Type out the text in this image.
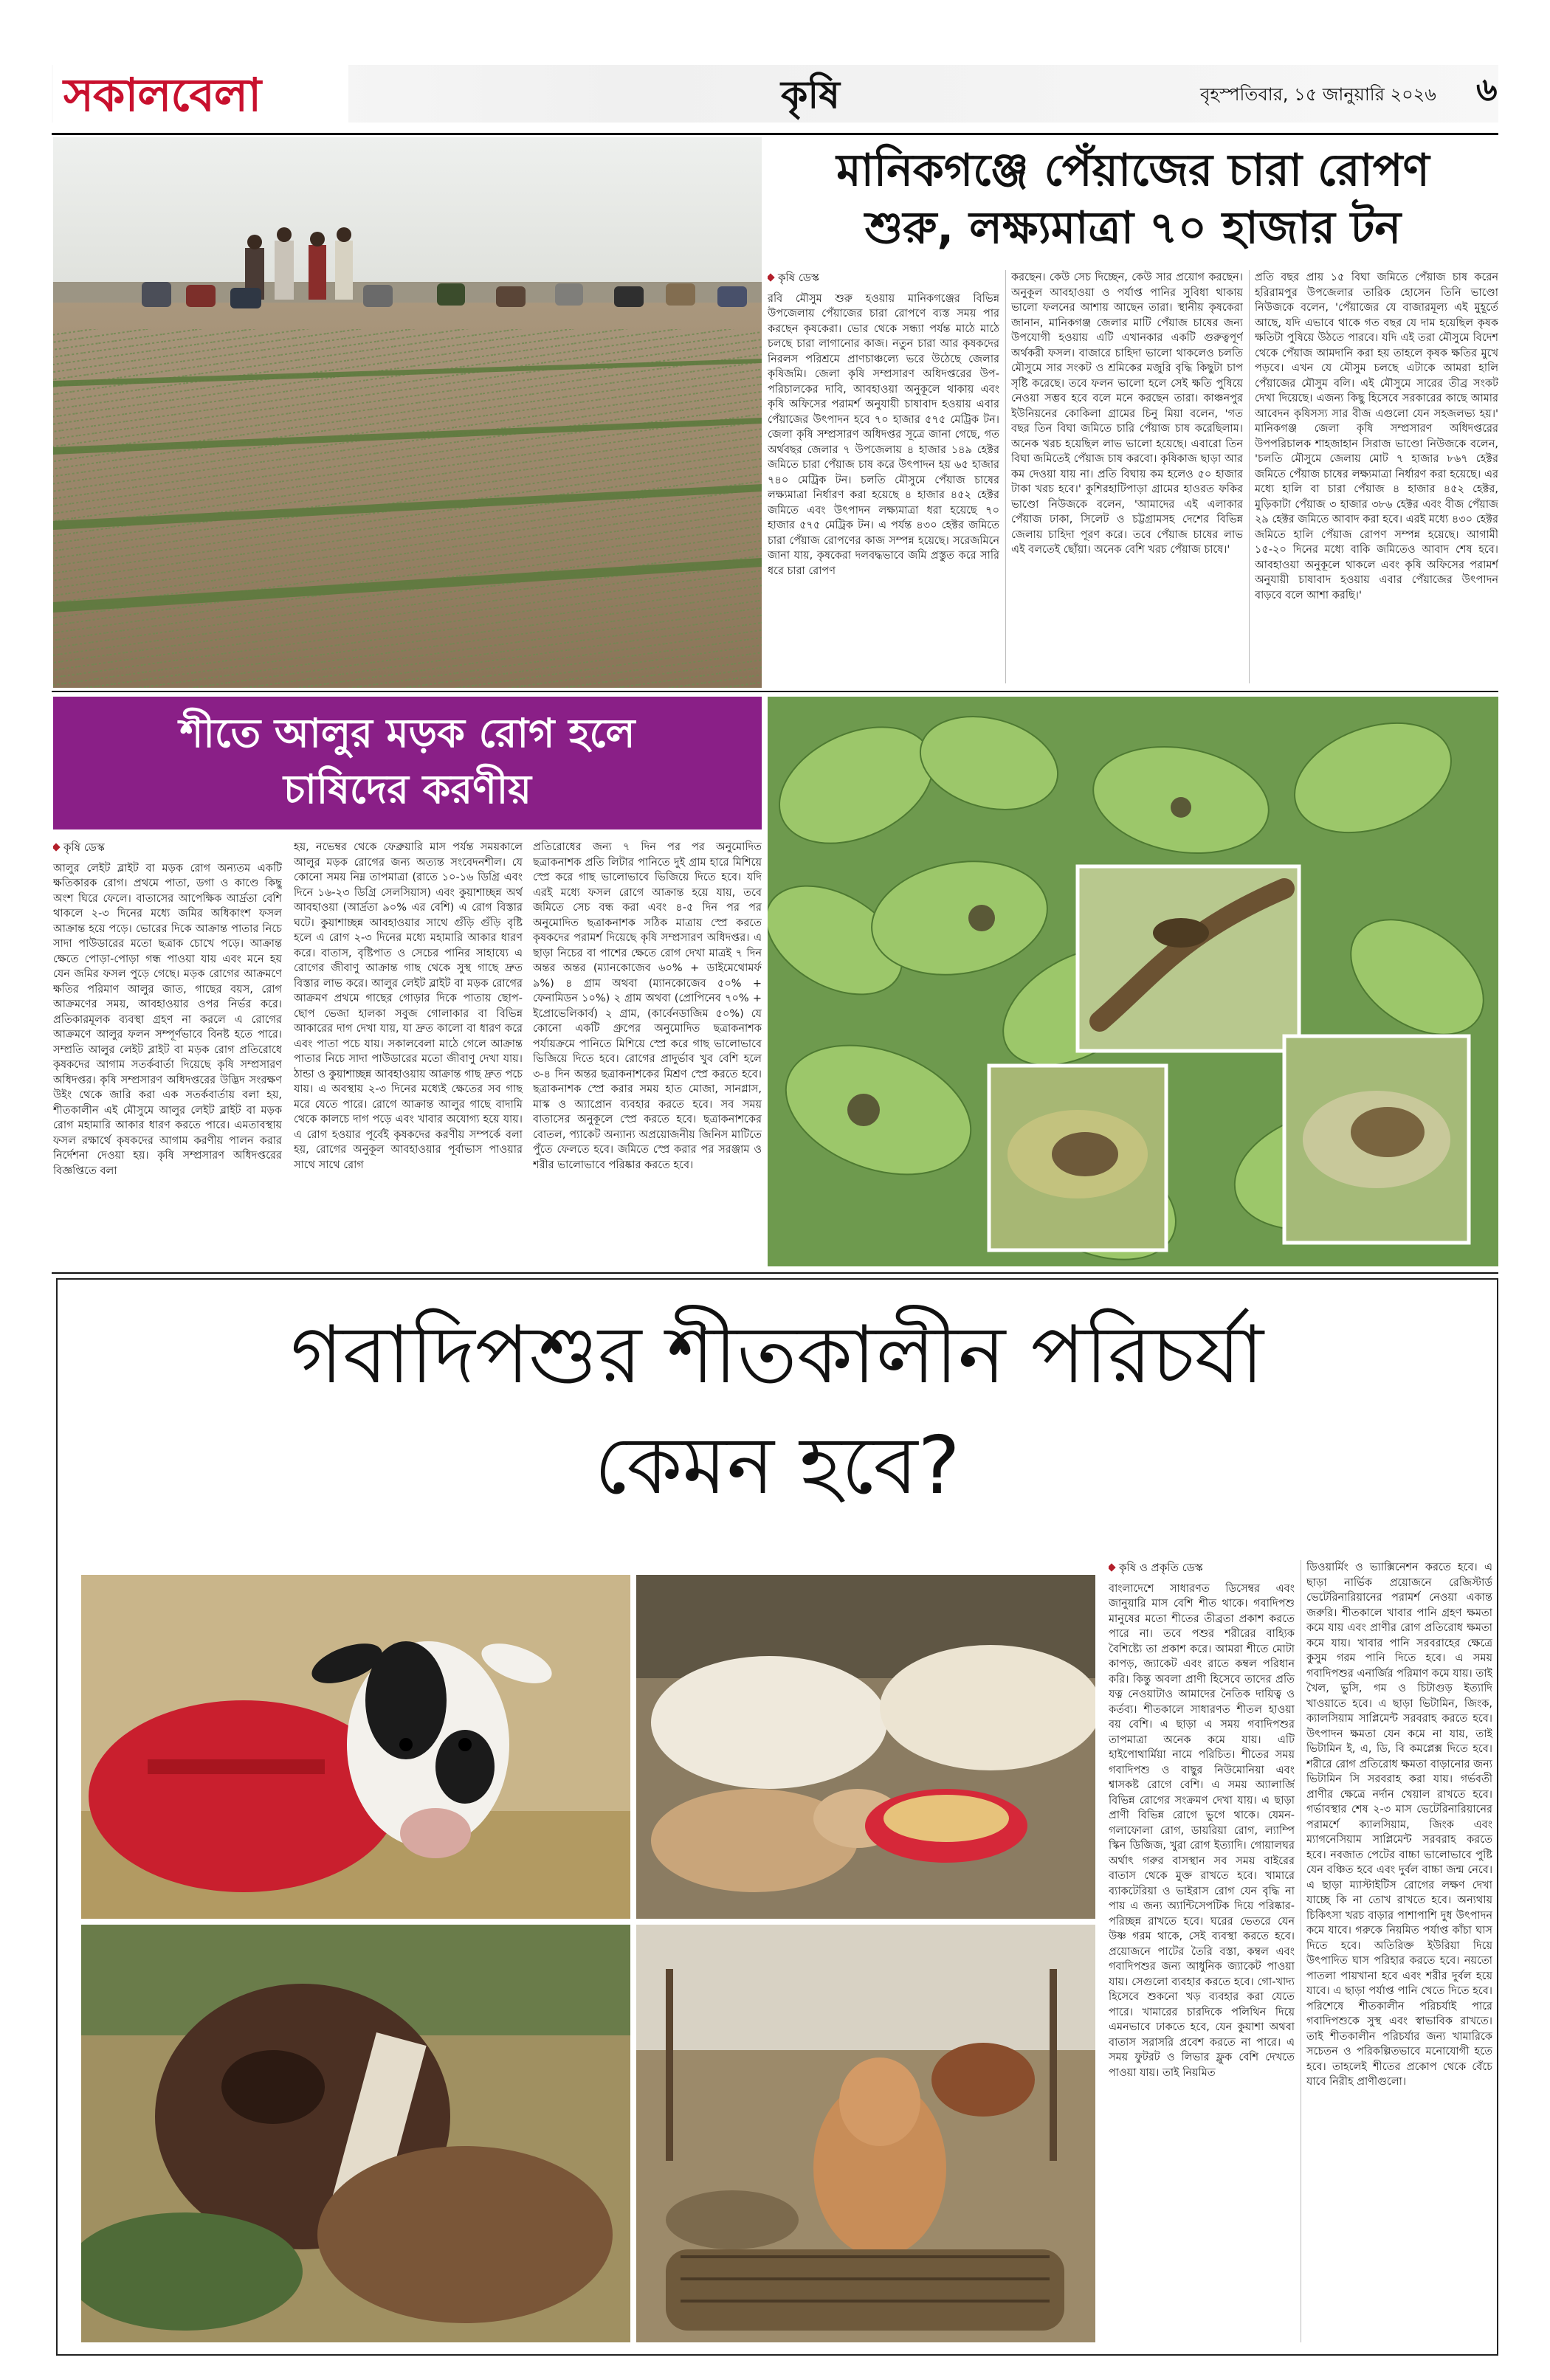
সকালবেলা	কৃষি	বৃহস্পতিবার, ১৫ জানুয়ারি ২০২৬ ৬
মানিকগঞ্জে পেঁয়াজের চারা রোপণ
শুরু, লক্ষ্যমাত্রা ৭০ হাজার টন
কৃষি ডেস্ক

রবি মৌসুম শুরু হওয়ায় মানিকগঞ্জের বিভিন্ন উপজেলায় পেঁয়াজের চারা রোপণে ব্যস্ত সময় পার করছেন কৃষকেরা। ভোর থেকে সন্ধ্যা পর্যন্ত মাঠে মাঠে চলছে চারা লাগানোর কাজ। নতুন চারা আর কৃষকদের নিরলস পরিশ্রমে প্রাণচাঞ্চল্যে ভরে উঠেছে জেলার কৃষিজমি। জেলা কৃষি সম্প্রসারণ অধিদপ্তরের উপ-পরিচালকের দাবি, আবহাওয়া অনুকূলে থাকায় এবং কৃষি অফিসের পরামর্শ অনুযায়ী চাষাবাদ হওয়ায় এবার পেঁয়াজের উৎপাদন হবে ৭০ হাজার ৫৭৫ মেট্রিক টন। জেলা কৃষি সম্প্রসারণ অধিদপ্তর সূত্রে জানা গেছে, গত অর্থবছর জেলার ৭ উপজেলায় ৪ হাজার ১৪৯ হেক্টর জমিতে চারা পেঁয়াজ চাষ করে উৎপাদন হয় ৬৫ হাজার ৭৪০ মেট্রিক টন। চলতি মৌসুমে পেঁয়াজ চাষের লক্ষ্যমাত্রা নির্ধারণ করা হয়েছে ৪ হাজার ৪৫২ হেক্টর জমিতে এবং উৎপাদন লক্ষ্যমাত্রা ধরা হয়েছে ৭০ হাজার ৫৭৫ মেট্রিক টন। এ পর্যন্ত ৪৩০ হেক্টর জমিতে চারা পেঁয়াজ রোপণের কাজ সম্পন্ন হয়েছে। সরেজমিনে জানা যায়, কৃষকেরা দলবদ্ধভাবে জমি প্রস্তুত করে সারি ধরে চারা রোপণ

করছেন। কেউ সেচ দিচ্ছেন, কেউ সার প্রয়োগ করছেন। অনুকূল আবহাওয়া ও পর্যাপ্ত পানির সুবিধা থাকায় ভালো ফলনের আশায় আছেন তারা। স্থানীয় কৃষকেরা জানান, মানিকগঞ্জ জেলার মাটি পেঁয়াজ চাষের জন্য উপযোগী হওয়ায় এটি এখানকার একটি গুরুত্বপূর্ণ অর্থকরী ফসল। বাজারে চাহিদা ভালো থাকলেও চলতি মৌসুমে সার সংকট ও শ্রমিকের মজুরি বৃদ্ধি কিছুটা চাপ সৃষ্টি করেছে। তবে ফলন ভালো হলে সেই ক্ষতি পুষিয়ে নেওয়া সম্ভব হবে বলে মনে করছেন তারা। কাঞ্চনপুর ইউনিয়নের কোকিলা গ্রামের চিনু মিয়া বলেন, 'গত বছর তিন বিঘা জমিতে চারি পেঁয়াজ চাষ করেছিলাম। অনেক খরচ হয়েছিল লাভ ভালো হয়েছে। এবারো তিন বিঘা জমিতেই পেঁয়াজ চাষ করবো। কৃষিকাজ ছাড়া আর কম দেওয়া যায় না। প্রতি বিঘায় কম হলেও ৫০ হাজার টাকা খরচ হবে।' কুশিরহাটিপাড়া গ্রামের হাওরত ফকির ভাণ্ডো নিউজকে বলেন, 'আমাদের এই এলাকার পেঁয়াজ ঢাকা, সিলেট ও চট্টগ্রামসহ দেশের বিভিন্ন জেলায় চাহিদা পূরণ করে। তবে পেঁয়াজ চাষের লাভ এই বলতেই ছোঁয়া। অনেক বেশি খরচ পেঁয়াজ চাষে।'

প্রতি বছর প্রায় ১৫ বিঘা জমিতে পেঁয়াজ চাষ করেন হরিরামপুর উপজেলার তারিক হোসেন তিনি ভাণ্ডো নিউজকে বলেন, 'পেঁয়াজের যে বাজারমূল্য এই মুহূর্তে আছে, যদি এভাবে থাকে গত বছর যে দাম হয়েছিল কৃষক ক্ষতিটা পুষিয়ে উঠতে পারবে। যদি এই তরা মৌসুমে বিদেশ থেকে পেঁয়াজ আমদানি করা হয় তাহলে কৃষক ক্ষতির মুখে পড়বে। এখন যে মৌসুম চলছে এটাকে আমরা হালি পেঁয়াজের মৌসুম বলি। এই মৌসুমে সারের তীব্র সংকট দেখা দিয়েছে। এজন্য কিছু হিসেবে সরকারের কাছে আমার আবেদন কৃষিসস্য সার বীজ এগুলো যেন সহজলভ্য হয়।' মানিকগঞ্জ জেলা কৃষি সম্প্রসারণ অধিদপ্তরের উপপরিচালক শাহজাহান সিরাজ ভাণ্ডো নিউজকে বলেন, 'চলতি মৌসুমে জেলায় মোট ৭ হাজার ৮৬৭ হেক্টর জমিতে পেঁয়াজ চাষের লক্ষ্যমাত্রা নির্ধারণ করা হয়েছে। এর মধ্যে হালি বা চারা পেঁয়াজ ৪ হাজার ৪৫২ হেক্টর, মুড়িকাটা পেঁয়াজ ৩ হাজার ৩৮৬ হেক্টর এবং বীজ পেঁয়াজ ২৯ হেক্টর জমিতে আবাদ করা হবে। এরই মধ্যে ৪৩০ হেক্টর জমিতে হালি পেঁয়াজ রোপণ সম্পন্ন হয়েছে। আগামী ১৫-২০ দিনের মধ্যে বাকি জমিতেও আবাদ শেষ হবে। আবহাওয়া অনুকূলে থাকলে এবং কৃষি অফিসের পরামর্শ অনুযায়ী চাষাবাদ হওয়ায় এবার পেঁয়াজের উৎপাদন বাড়বে বলে আশা করছি।'

শীতে আলুর মড়ক রোগ হলে
চাষিদের করণীয়
কৃষি ডেস্ক

আলুর লেইট ব্লাইট বা মড়ক রোগ অন্যতম একটি ক্ষতিকারক রোগ। প্রথমে পাতা, ডগা ও কাণ্ডে কিছু অংশ ঘিরে ফেলে। বাতাসের আপেক্ষিক আর্দ্রতা বেশি থাকলে ২-৩ দিনের মধ্যে জমির অধিকাংশ ফসল আক্রান্ত হয়ে পড়ে। ভোরের দিকে আক্রান্ত পাতার নিচে সাদা পাউডারের মতো ছত্রাক চোখে পড়ে। আক্রান্ত ক্ষেতে পোড়া-পোড়া গন্ধ পাওয়া যায় এবং মনে হয় যেন জমির ফসল পুড়ে গেছে। মড়ক রোগের আক্রমণে ক্ষতির পরিমাণ আলুর জাত, গাছের বয়স, রোগ আক্রমণের সময়, আবহাওয়ার ওপর নির্ভর করে। প্রতিকারমূলক ব্যবস্থা গ্রহণ না করলে এ রোগের আক্রমণে আলুর ফলন সম্পূর্ণভাবে বিনষ্ট হতে পারে। সম্প্রতি আলুর লেইট ব্লাইট বা মড়ক রোগ প্রতিরোধে কৃষকদের আগাম সতর্কবার্তা দিয়েছে কৃষি সম্প্রসারণ অধিদপ্তর। কৃষি সম্প্রসারণ অধিদপ্তরের উদ্ভিদ সংরক্ষণ উইং থেকে জারি করা এক সতর্কবার্তায় বলা হয়, শীতকালীন এই মৌসুমে আলুর লেইট ব্লাইট বা মড়ক রোগ মহামারি আকার ধারণ করতে পারে। এমতাবস্থায় ফসল রক্ষার্থে কৃষকদের আগাম করণীয় পালন করার নির্দেশনা দেওয়া হয়। কৃষি সম্প্রসারণ অধিদপ্তরের বিজ্ঞপ্তিতে বলা

হয়, নভেম্বর থেকে ফেব্রুয়ারি মাস পর্যন্ত সময়কালে আলুর মড়ক রোগের জন্য অত্যন্ত সংবেদনশীল। যে কোনো সময় নিম্ন তাপমাত্রা (রাতে ১০-১৬ ডিগ্রি এবং দিনে ১৬-২৩ ডিগ্রি সেলসিয়াস) এবং কুয়াশাচ্ছন্ন অর্থ আবহাওয়া (আর্দ্রতা ৯০% এর বেশি) এ রোগ বিস্তার ঘটে। কুয়াশাচ্ছন্ন আবহাওয়ার সাথে গুঁড়ি গুঁড়ি বৃষ্টি হলে এ রোগ ২-৩ দিনের মধ্যে মহামারি আকার ধারণ করে। বাতাস, বৃষ্টিপাত ও সেচের পানির সাহায্যে এ রোগের জীবাণু আক্রান্ত গাছ থেকে সুস্থ গাছে দ্রুত বিস্তার লাভ করে। আলুর লেইট ব্লাইট বা মড়ক রোগের আক্রমণ প্রথমে গাছের গোড়ার দিকে পাতায় ছোপ-ছোপ ভেজা হালকা সবুজ গোলাকার বা বিভিন্ন আকারের দাগ দেখা যায়, যা দ্রুত কালো বা ধারণ করে এবং পাতা পচে যায়। সকালবেলা মাঠে গেলে আক্রান্ত পাতার নিচে সাদা পাউডারের মতো জীবাণু দেখা যায়। ঠান্ডা ও কুয়াশাচ্ছন্ন আবহাওয়ায় আক্রান্ত গাছ দ্রুত পচে যায়। এ অবস্থায় ২-৩ দিনের মধ্যেই ক্ষেতের সব গাছ মরে যেতে পারে। রোগে আক্রান্ত আলুর গাছে বাদামি থেকে কালচে দাগ পড়ে এবং খাবার অযোগ্য হয়ে যায়। এ রোগ হওয়ার পূর্বেই কৃষকদের করণীয় সম্পর্কে বলা হয়, রোগের অনুকূল আবহাওয়ার পূর্বাভাস পাওয়ার সাথে সাথে রোগ

প্রতিরোধের জন্য ৭ দিন পর পর অনুমোদিত ছত্রাকনাশক প্রতি লিটার পানিতে দুই গ্রাম হারে মিশিয়ে স্প্রে করে গাছ ভালোভাবে ভিজিয়ে দিতে হবে। যদি এরই মধ্যে ফসল রোগে আক্রান্ত হয়ে যায়, তবে জমিতে সেচ বন্ধ করা এবং ৪-৫ দিন পর পর অনুমোদিত ছত্রাকনাশক সঠিক মাত্রায় স্প্রে করতে কৃষকদের পরামর্শ দিয়েছে কৃষি সম্প্রসারণ অধিদপ্তর। এ ছাড়া নিচের বা পাশের ক্ষেতে রোগ দেখা মাত্রই ৭ দিন অন্তর অন্তর (ম্যানকোজেব ৬০% + ডাইমেথোমর্ফ ৯%) ৪ গ্রাম অথবা (ম্যানকোজেব ৫০% + ফেনামিডন ১০%) ২ গ্রাম অথবা (প্রোপিনেব ৭০% + ইপ্রোভেলিকার্ব) ২ গ্রাম, (কার্বেনডাজিম ৫০%) যে কোনো একটি গ্রুপের অনুমোদিত ছত্রাকনাশক পর্যায়ক্রমে পানিতে মিশিয়ে স্প্রে করে গাছ ভালোভাবে ভিজিয়ে দিতে হবে। রোগের প্রাদুর্ভাব খুব বেশি হলে ৩-৪ দিন অন্তর ছত্রাকনাশকের মিশ্রণ স্প্রে করতে হবে। ছত্রাকনাশক স্প্রে করার সময় হাত মোজা, সানগ্লাস, মাস্ক ও অ্যাপ্রোন ব্যবহার করতে হবে। সব সময় বাতাসের অনুকূলে স্প্রে করতে হবে। ছত্রাকনাশকের বোতল, প্যাকেট অন্যান্য অপ্রয়োজনীয় জিনিস মাটিতে পুঁতে ফেলতে হবে। জমিতে স্প্রে করার পর সরঞ্জাম ও শরীর ভালোভাবে পরিষ্কার করতে হবে।

গবাদিপশুর শীতকালীন পরিচর্যা
কেমন হবে?
কৃষি ও প্রকৃতি ডেস্ক

বাংলাদেশে সাধারণত ডিসেম্বর এবং জানুয়ারি মাস বেশি শীত থাকে। গবাদিপশু মানুষের মতো শীতের তীব্রতা প্রকাশ করতে পারে না। তবে পশুর শরীরের বাহ্যিক বৈশিষ্ট্যে তা প্রকাশ করে। আমরা শীতে মোটা কাপড়, জ্যাকেট এবং রাতে কম্বল পরিধান করি। কিন্তু অবলা প্রাণী হিসেবে তাদের প্রতি যত্ন নেওয়াটাও আমাদের নৈতিক দায়িত্ব ও কর্তব্য। শীতকালে সাধারণত শীতল হাওয়া বয় বেশি। এ ছাড়া এ সময় গবাদিপশুর তাপমাত্রা অনেক কমে যায়। এটি হাইপোথার্মিয়া নামে পরিচিত। শীতের সময় গবাদিপশু ও বাছুর নিউমোনিয়া এবং শ্বাসকষ্ট রোগে বেশি। এ সময় অ্যালার্জি বিভিন্ন রোগের সংক্রমণ দেখা যায়। এ ছাড়া প্রাণী বিভিন্ন রোগে ভুগে থাকে। যেমন-গলাফোলা রোগ, ডায়রিয়া রোগ, ল্যাম্পি স্কিন ডিজিজ, খুরা রোগ ইত্যাদি। গোয়ালঘর অর্থাৎ গরুর বাসস্থান সব সময় বাইরের বাতাস থেকে মুক্ত রাখতে হবে। খামারে ব্যাকটেরিয়া ও ভাইরাস রোগ যেন বৃদ্ধি না পায় এ জন্য অ্যান্টিসেপটিক দিয়ে পরিষ্কার-পরিচ্ছন্ন রাখতে হবে। ঘরের ভেতরে যেন উষ্ণ গরম থাকে, সেই ব্যবস্থা করতে হবে। প্রয়োজনে পাটের তৈরি বস্তা, কম্বল এবং গবাদিপশুর জন্য আধুনিক জ্যাকেট পাওয়া যায়। সেগুলো ব্যবহার করতে হবে। গো-খাদ্য হিসেবে শুকনো খড় ব্যবহার করা যেতে পারে। খামারের চারদিকে পলিথিন দিয়ে এমনভাবে ঢাকতে হবে, যেন কুয়াশা অথবা বাতাস সরাসরি প্রবেশ করতে না পারে। এ সময় ফুটরট ও লিভার ফ্লুক বেশি দেখতে পাওয়া যায়। তাই নিয়মিত

ডিওয়ার্মিং ও ভ্যাক্সিনেশন করতে হবে। এ ছাড়া নার্ভিক প্রয়োজনে রেজিস্টার্ড ভেটেরিনারিয়ানের পরামর্শ নেওয়া একান্ত জরুরি। শীতকালে খাবার পানি গ্রহণ ক্ষমতা কমে যায় এবং প্রাণীর রোগ প্রতিরোধ ক্ষমতা কমে যায়। খাবার পানি সরবরাহের ক্ষেত্রে কুসুম গরম পানি দিতে হবে। এ সময় গবাদিপশুর এনার্জির পরিমাণ কমে যায়। তাই খৈল, ভুসি, গম ও চিটাগুড় ইত্যাদি খাওয়াতে হবে। এ ছাড়া ভিটামিন, জিংক, ক্যালসিয়াম সাপ্লিমেন্ট সরবরাহ করতে হবে। উৎপাদন ক্ষমতা যেন কমে না যায়, তাই ভিটামিন ই, এ, ডি, বি কমপ্লেক্স দিতে হবে। শরীরে রোগ প্রতিরোধ ক্ষমতা বাড়ানোর জন্য ভিটামিন সি সরবরাহ করা যায়। গর্ভবতী প্রাণীর ক্ষেত্রে নর্দান খেয়াল রাখতে হবে। গর্ভাবস্থার শেষ ২-৩ মাস ভেটেরিনারিয়ানের পরামর্শে ক্যালসিয়াম, জিংক এবং ম্যাগনেসিয়াম সাপ্লিমেন্ট সরবরাহ করতে হবে। নবজাত পেটের বাচ্চা ভালোভাবে পুষ্টি যেন বঞ্চিত হবে এবং দুর্বল বাচ্চা জন্ম নেবে। এ ছাড়া ম্যাস্টাইটিস রোগের লক্ষণ দেখা যাচ্ছে কি না তোখ রাখতে হবে। অন্যথায় চিকিৎসা খরচ বাড়ার পাশাপাশি দুধ উৎপাদন কমে যাবে। গরুকে নিয়মিত পর্যাপ্ত কাঁচা ঘাস দিতে হবে। অতিরিক্ত ইউরিয়া দিয়ে উৎপাদিত ঘাস পরিহার করতে হবে। নয়তো পাতলা পায়খানা হবে এবং শরীর দুর্বল হয়ে যাবে। এ ছাড়া পর্যাপ্ত পানি খেতে দিতে হবে। পরিশেষে শীতকালীন পরিচর্যাই পারে গবাদিপশুকে সুস্থ এবং স্বাভাবিক রাখতে। তাই শীতকালীন পরিচর্যার জন্য খামারিকে সচেতন ও পরিকল্পিতভাবে মনোযোগী হতে হবে। তাহলেই শীতের প্রকোপ থেকে বেঁচে যাবে নিরীহ প্রাণীগুলো।
